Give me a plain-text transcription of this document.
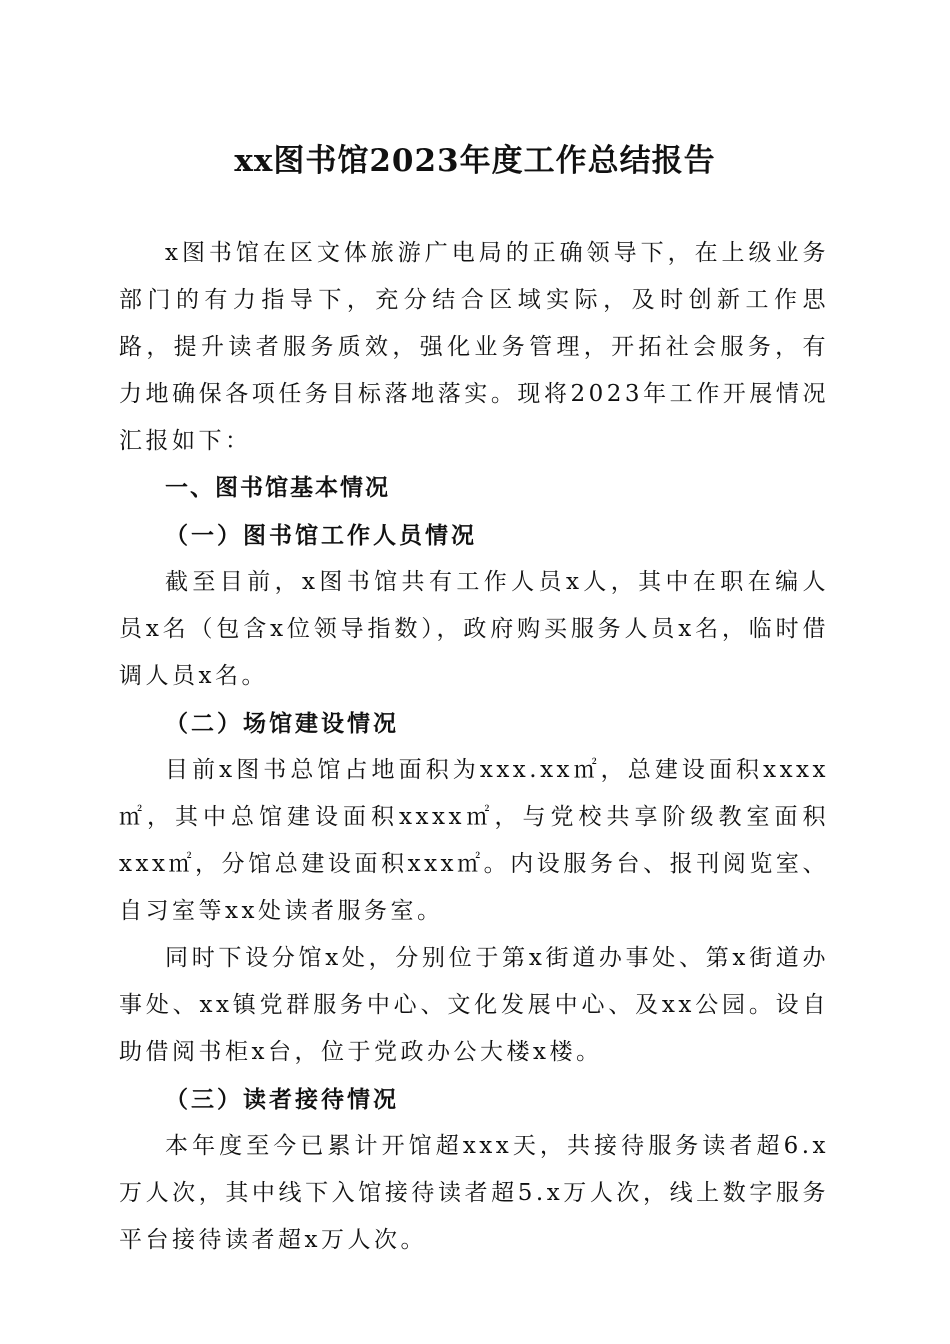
xx图书馆2023年度工作总结报告

x图书馆在区文体旅游广电局的正确领导下，在上级业务部门的有力指导下，充分结合区域实际，及时创新工作思路，提升读者服务质效，强化业务管理，开拓社会服务，有力地确保各项任务目标落地落实。现将2023年工作开展情况汇报如下：

一、图书馆基本情况
（一）图书馆工作人员情况

截至目前，x图书馆共有工作人员x人，其中在职在编人员x名（包含x位领导指数），政府购买服务人员x名，临时借调人员x名。

（二）场馆建设情况

目前x图书总馆占地面积为xxx.xx㎡，总建设面积xxxx㎡，其中总馆建设面积xxxx㎡，与党校共享阶级教室面积xxx㎡，分馆总建设面积xxx㎡。内设服务台、报刊阅览室、自习室等xx处读者服务室。

同时下设分馆x处，分别位于第x街道办事处、第x街道办事处、xx镇党群服务中心、文化发展中心、及xx公园。设自助借阅书柜x台，位于党政办公大楼x楼。

（三）读者接待情况

本年度至今已累计开馆超xxx天，共接待服务读者超6.x万人次，其中线下入馆接待读者超5.x万人次，线上数字服务平台接待读者超x万人次。
